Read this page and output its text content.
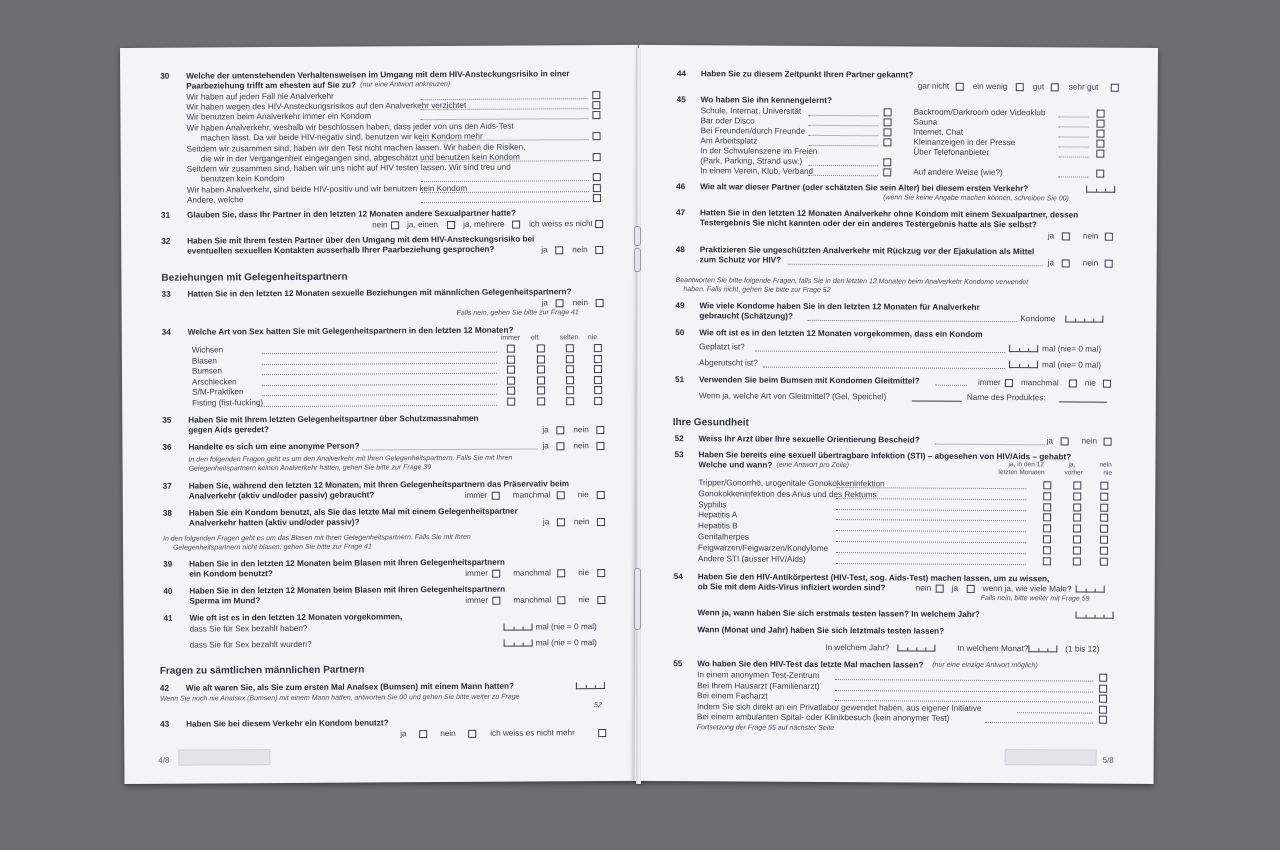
30 Welche der untenstehenden Verhaltensweisen im Umgang mit dem HIV-Ansteckungsrisiko in einer
Paarbeziehung trifft am ehesten auf Sie zu? (nur eine Antwort ankreuzen)
Wir haben auf jeden Fall nie Analverkehr
Wir haben wegen des HIV-Ansteckungsrisikos auf den Analverkehr verzichtet
Wir benutzen beim Analverkehr immer ein Kondom
Wir haben Analverkehr, weshalb wir beschlossen haben, dass jeder von uns den Aids-Test
machen lässt. Da wir beide HIV-negativ sind, benutzen wir kein Kondom mehr
Seitdem wir zusammen sind, haben wir den Test nicht machen lassen. Wir haben die Risiken,
die wir in der Vergangenheit eingegangen sind, abgeschätzt und benutzen kein Kondom
Seitdem wir zusammen sind, haben wir uns nicht auf HIV testen lassen. Wir sind treu und
benutzen kein Kondom
Wir haben Analverkehr, sind beide HIV-positiv und wir benutzen kein Kondom
Andere, welche
31 Glauben Sie, dass Ihr Partner in den letzten 12 Monaten andere Sexualpartner hatte?
nein ja, einen	ja, mehrere	ich weiss es nicht
32 Haben Sie mit Ihrem festen Partner über den Umgang mit dem HIV-Ansteckungsrisiko bei
eventuellen sexuellen Kontakten ausserhalb Ihrer Paarbeziehung gesprochen?	ja	nein
Beziehungen mit Gelegenheitspartnern
33 Hatten Sie in den letzten 12 Monaten sexuelle Beziehungen mit männlichen Gelegenheitspartnern?
ja	nein
Falls nein, gehen Sie bitte zur Frage 41
34 Welche Art von Sex hatten Sie mit Gelegenheitspartnern in den letzten 12 Monaten?
immer oft	selten nie
Wichsen
Blasen
Bumsen
Arschlecken
S/M-Praktiken
Fisting (fist-fucking)
35 Haben Sie mit Ihrem letzten Gelegenheitspartner über Schutzmassnahmen
gegen Aids geredet?	ja	nein
36 Handelte es sich um eine anonyme Person?	ja	nein
In den folgenden Fragen geht es um den Analverkehr mit Ihren Gelegenheitspartnern. Falls Sie mit Ihren
Gelegenheitspartnern keinen Analverkehr hatten, gehen Sie bitte zur Frage 39
37 Haben Sie, während den letzten 12 Monaten, mit Ihren Gelegenheitspartnern das Präservativ beim
Analverkehr (aktiv und/oder passiv) gebraucht?	immer	manchmal	nie
38 Haben Sie ein Kondom benutzt, als Sie das letzte Mal mit einem Gelegenheitspartner
Analverkehr hatten (aktiv und/oder passiv)?	ja	nein
In den folgenden Fragen geht es um das Blasen mit Ihren Gelegenheitspartnern. Falls Sie mit Ihren
Gelegenheitspartnern nicht blasen, gehen Sie bitte zur Frage 41
39 Haben Sie in den letzten 12 Monaten beim Blasen mit Ihren Gelegenheitspartnern
ein Kondom benutzt?	immer	manchmal	nie
40 Haben Sie in den letzten 12 Monaten beim Blasen mit Ihren Gelegenheitspartnern
Sperma im Mund?	immer	manchmal	nie
41 Wie oft ist es in den letzten 12 Monaten vorgekommen,
dass Sie für Sex bezahlt haben?	mal (nie = 0 mal)
dass Sie für Sex bezahlt wurden?	mal (nie = 0 mal)
Fragen zu sämtlichen männlichen Partnern
42 Wie alt waren Sie, als Sie zum ersten Mal Analsex (Bumsen) mit einem Mann hatten?
Wenn Sie noch nie Analsex (Bumsen) mit einem Mann hatten, antworten Sie 00 und gehen Sie bitte weiter zu Frage
52
43 Haben Sie bei diesem Verkehr ein Kondom benutzt?
ja	nein	ich weiss es nicht mehr
4/8
44 Haben Sie zu diesem Zeitpunkt Ihren Partner gekannt?
gar nicht	ein wenig	gut	sehr gut
45 Wo haben Sie ihn kennengelernt?
Schule, Internat, Universität
Bar oder Disco
Bei Freunden/durch Freunde
Am Arbeitsplatz
In der Schwulenszene im Freien
(Park, Parking, Strand usw.)
In einem Verein, Klub, Verband
Backroom/Darkroom oder Videoklub
Sauna
Internet, Chat
Kleinanzeigen in der Presse
Über Telefonanbieter
Auf andere Weise (wie?)
46 Wie alt war dieser Partner (oder schätzten Sie sein Alter) bei diesem ersten Verkehr?
(wenn Sie keine Angabe machen können, schreiben Sie 00)
47 Hatten Sie in den letzten 12 Monaten Analverkehr ohne Kondom mit einem Sexualpartner, dessen
Testergebnis Sie nicht kannten oder der ein anderes Testergebnis hatte als Sie selbst?
ja	nein
48 Praktizieren Sie ungeschützten Analverkehr mit Rückzug vor der Ejakulation als Mittel
zum Schutz vor HIV?	ja	nein
Beantworten Sie bitte folgende Fragen, falls Sie in den letzten 12 Monaten beim Analverkehr Kondome verwendet
haben. Falls nicht, gehen Sie bitte zur Frage 52
49 Wie viele Kondome haben Sie in den letzten 12 Monaten für Analverkehr
gebraucht (Schätzung)?	Kondome
50 Wie oft ist es in den letzten 12 Monaten vorgekommen, dass ein Kondom
Geplatzt ist?	mal (nie= 0 mal)
Abgerutscht ist?	mal (nie= 0 mal)
51 Verwenden Sie beim Bumsen mit Kondomen Gleitmittel?	immer manchmal	nie
Wenn ja, welche Art von Gleitmittel? (Gel, Speichel)	Name des Produktes:
Ihre Gesundheit
52 Weiss Ihr Arzt über Ihre sexuelle Orientierung Bescheid?	ja	nein
53 Haben Sie bereits eine sexuell übertragbare Infektion (STI) – abgesehen von HIV/Aids – gehabt?
Welche und wann? (eine Antwort pro Zeile)	ja, in den 12
letzten Monaten
ja,
vorher
nein
nie
Tripper/Gonorrhö, urogenitale Gonokokkeninfektion
Gonokokkeninfektion des Anus und des Rektums
Syphilis
Hepatitis A
Hepatitis B
Genitalherpes
Feigwarzen/Feigwarzen/Kondylome
Andere STI (ausser HIV/Aids)
54 Haben Sie den HIV-Antikörpertest (HIV-Test, sog. Aids-Test) machen lassen, um zu wissen,
ob Sie mit dem Aids-Virus infiziert worden sind?	nein ja	wenn ja, wie viele Male?
Falls nein, bitte weiter mit Frage 59
Wenn ja, wann haben Sie sich erstmals testen lassen? In welchem Jahr?
Wann (Monat und Jahr) haben Sie sich letztmals testen lassen?
In welchem Jahr?	In welchem Monat?	(1 bis 12)
55 Wo haben Sie den HIV-Test das letzte Mal machen lassen? (nur eine einzige Antwort möglich)
In einem anonymen Test-Zentrum
Bei Ihrem Hausarzt (Familienarzt)
Bei einem Facharzt
Indem Sie sich direkt an ein Privatlabor gewendet haben, aus eigener Initiative
Bei einem ambulanten Spital- oder Klinikbesuch (kein anonymer Test)
Fortsetzung der Frage 55 auf nächster Seite
5/8
